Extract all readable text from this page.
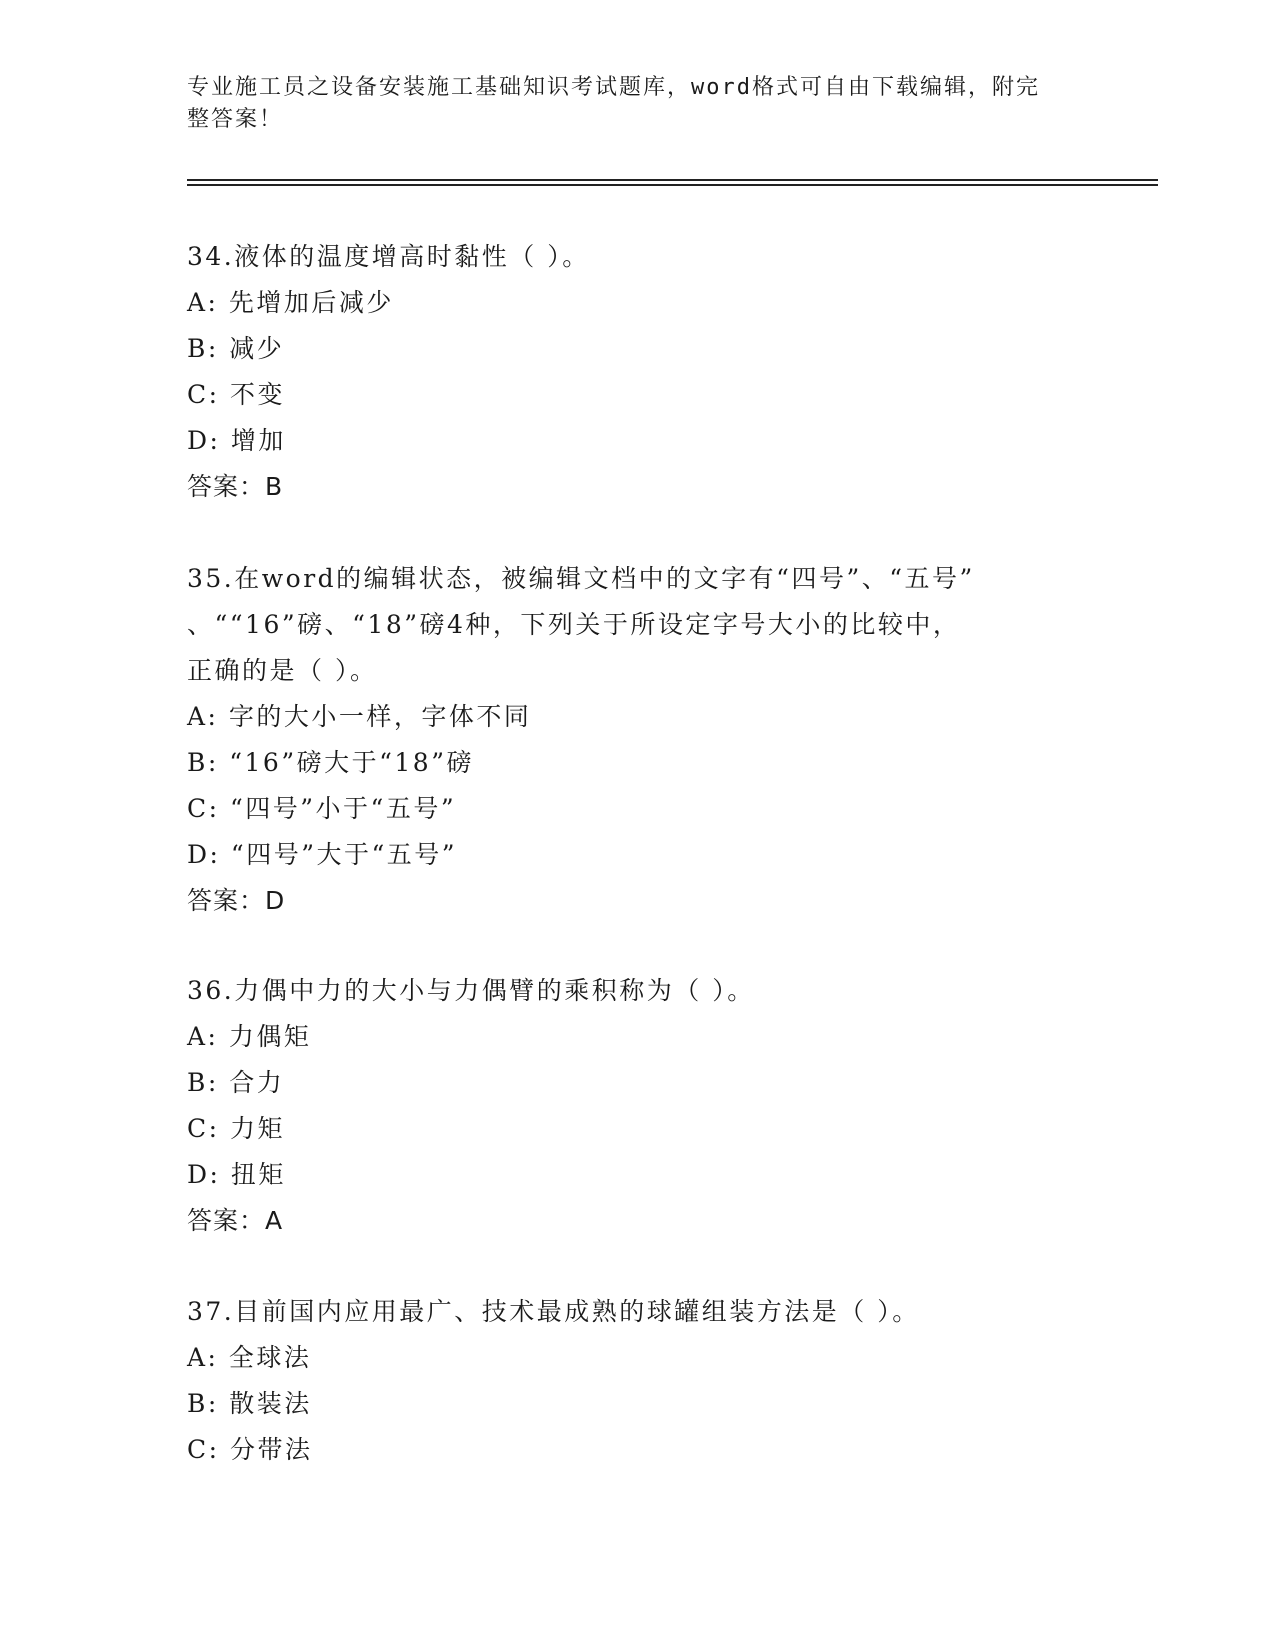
专业施工员之设备安装施工基础知识考试题库，word格式可自由下载编辑，附完
整答案！
34.液体的温度增高时黏性（ ）。
A: 先增加后减少
B: 减少
C: 不变
D: 增加
答案：B
35.在word的编辑状态，被编辑文档中的文字有“四号”、“五号”
、““16”磅、“18”磅4种，下列关于所设定字号大小的比较中，
正确的是（ ）。
A: 字的大小一样，字体不同
B: “16”磅大于“18”磅
C: “四号”小于“五号”
D: “四号”大于“五号”
答案：D
36.力偶中力的大小与力偶臂的乘积称为（ ）。
A: 力偶矩
B: 合力
C: 力矩
D: 扭矩
答案：A
37.目前国内应用最广、技术最成熟的球罐组装方法是（ ）。
A: 全球法
B: 散装法
C: 分带法
